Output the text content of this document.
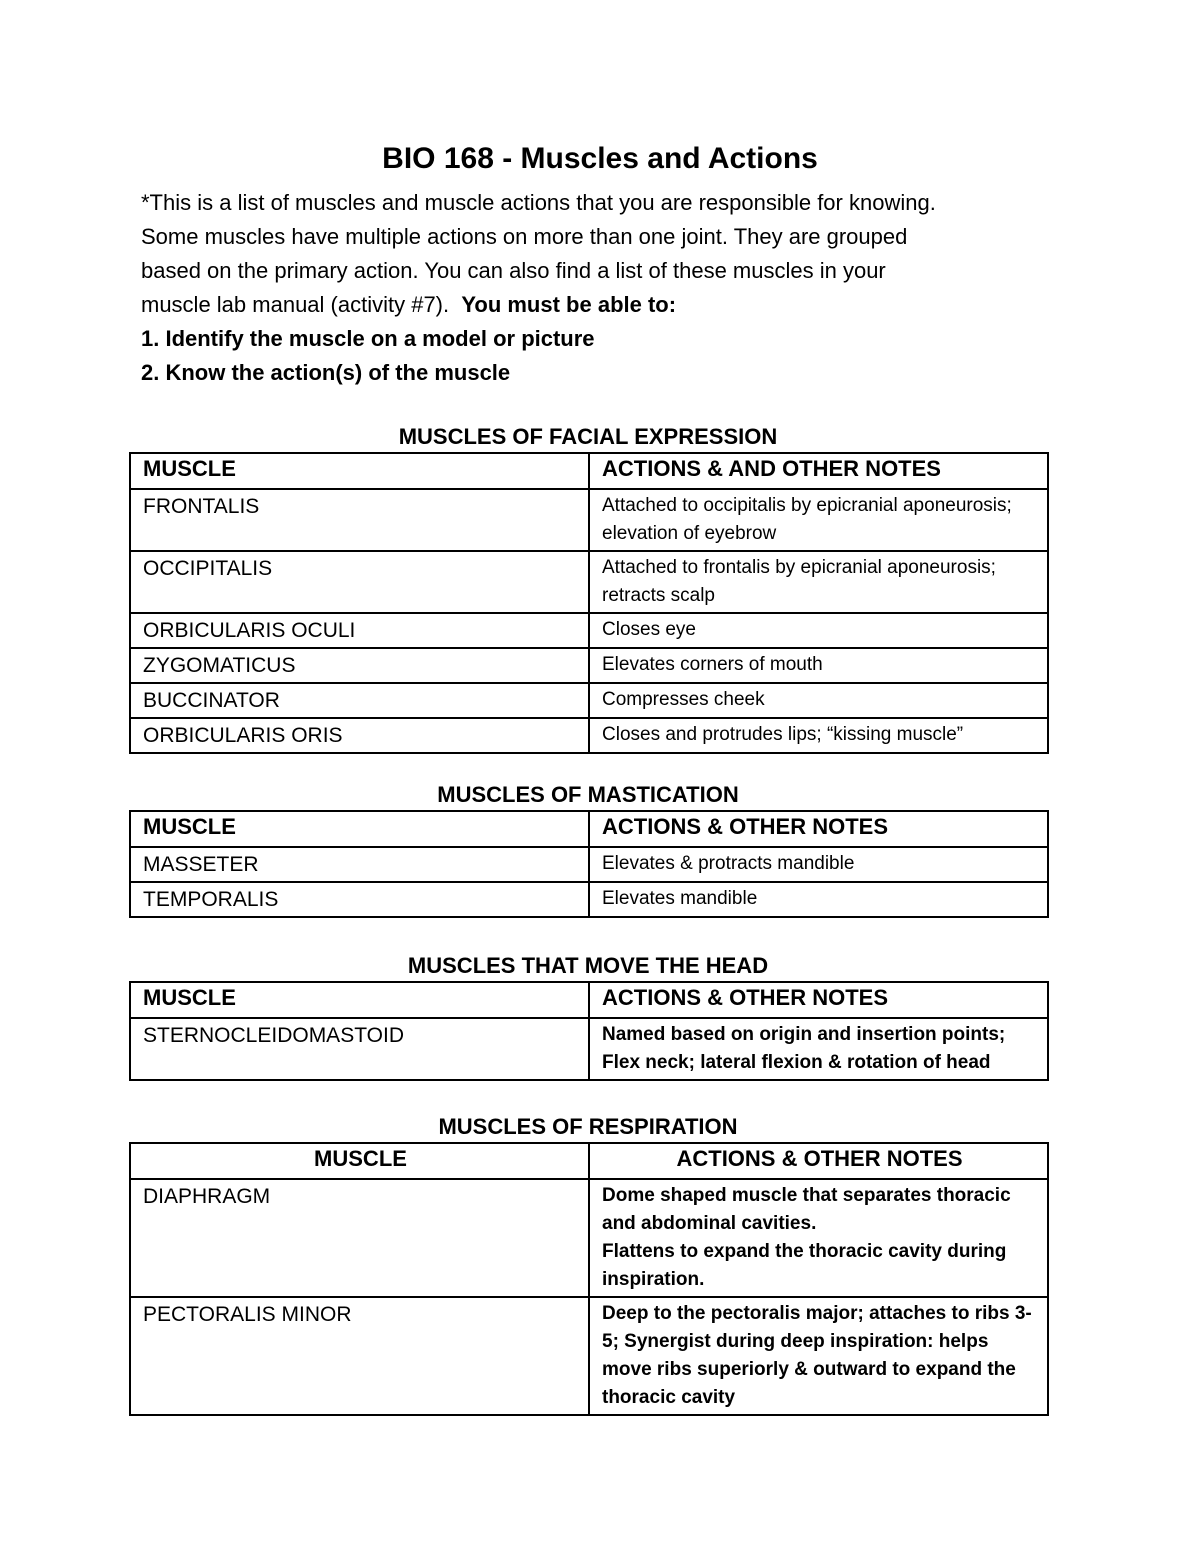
BIO 168 - Muscles and Actions
*This is a list of muscles and muscle actions that you are responsible for knowing.
Some muscles have multiple actions on more than one joint. They are grouped
based on the primary action. You can also find a list of these muscles in your
muscle lab manual (activity #7).  You must be able to:
1. Identify the muscle on a model or picture
2. Know the action(s) of the muscle
MUSCLES OF FACIAL EXPRESSION
MUSCLE	ACTIONS & AND OTHER NOTES
FRONTALIS	Attached to occipitalis by epicranial aponeurosis; elevation of eyebrow
OCCIPITALIS	Attached to frontalis by epicranial aponeurosis; retracts scalp
ORBICULARIS OCULI	Closes eye
ZYGOMATICUS	Elevates corners of mouth
BUCCINATOR	Compresses cheek
ORBICULARIS ORIS	Closes and protrudes lips; “kissing muscle”
MUSCLES OF MASTICATION
MUSCLE	ACTIONS & OTHER NOTES
MASSETER	Elevates & protracts mandible
TEMPORALIS	Elevates mandible
MUSCLES THAT MOVE THE HEAD
MUSCLE	ACTIONS & OTHER NOTES
STERNOCLEIDOMASTOID	Named based on origin and insertion points; Flex neck; lateral flexion & rotation of head
MUSCLES OF RESPIRATION
MUSCLE	ACTIONS & OTHER NOTES
DIAPHRAGM	Dome shaped muscle that separates thoracic and abdominal cavities.
Flattens to expand the thoracic cavity during inspiration.

PECTORALIS MINOR	Deep to the pectoralis major; attaches to ribs 3-5; Synergist during deep inspiration: helps move ribs superiorly & outward to expand the thoracic cavity
